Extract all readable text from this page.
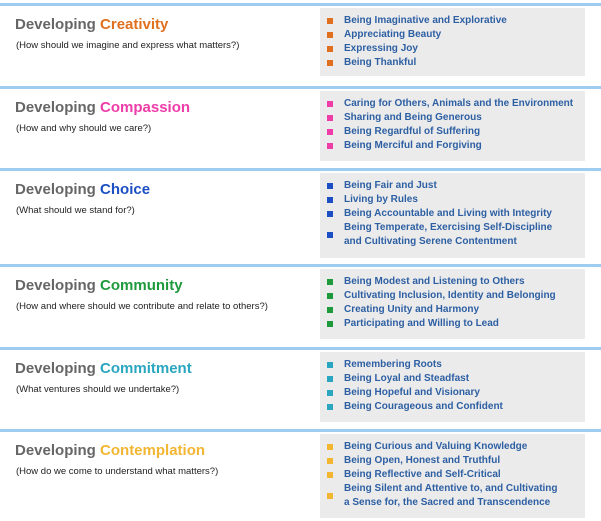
Developing Creativity
(How should we imagine and express what matters?)
Being Imaginative and Explorative
Appreciating Beauty
Expressing Joy
Being Thankful
Developing Compassion
(How and why should we care?)
Caring for Others, Animals and the Environment
Sharing and Being Generous
Being Regardful of Suffering
Being Merciful and Forgiving
Developing Choice
(What should we stand for?)
Being Fair and Just
Living by Rules
Being Accountable and Living with Integrity
Being Temperate, Exercising Self-Discipline and Cultivating Serene Contentment
Developing Community
(How and where should we contribute and relate to others?)
Being Modest and Listening to Others
Cultivating Inclusion, Identity and Belonging
Creating Unity and Harmony
Participating and Willing to Lead
Developing Commitment
(What ventures should we undertake?)
Remembering Roots
Being Loyal and Steadfast
Being Hopeful and Visionary
Being Courageous and Confident
Developing Contemplation
(How do we come to understand what matters?)
Being Curious and Valuing Knowledge
Being Open, Honest and Truthful
Being Reflective and Self-Critical
Being Silent and Attentive to, and Cultivating a Sense for, the Sacred and Transcendence
